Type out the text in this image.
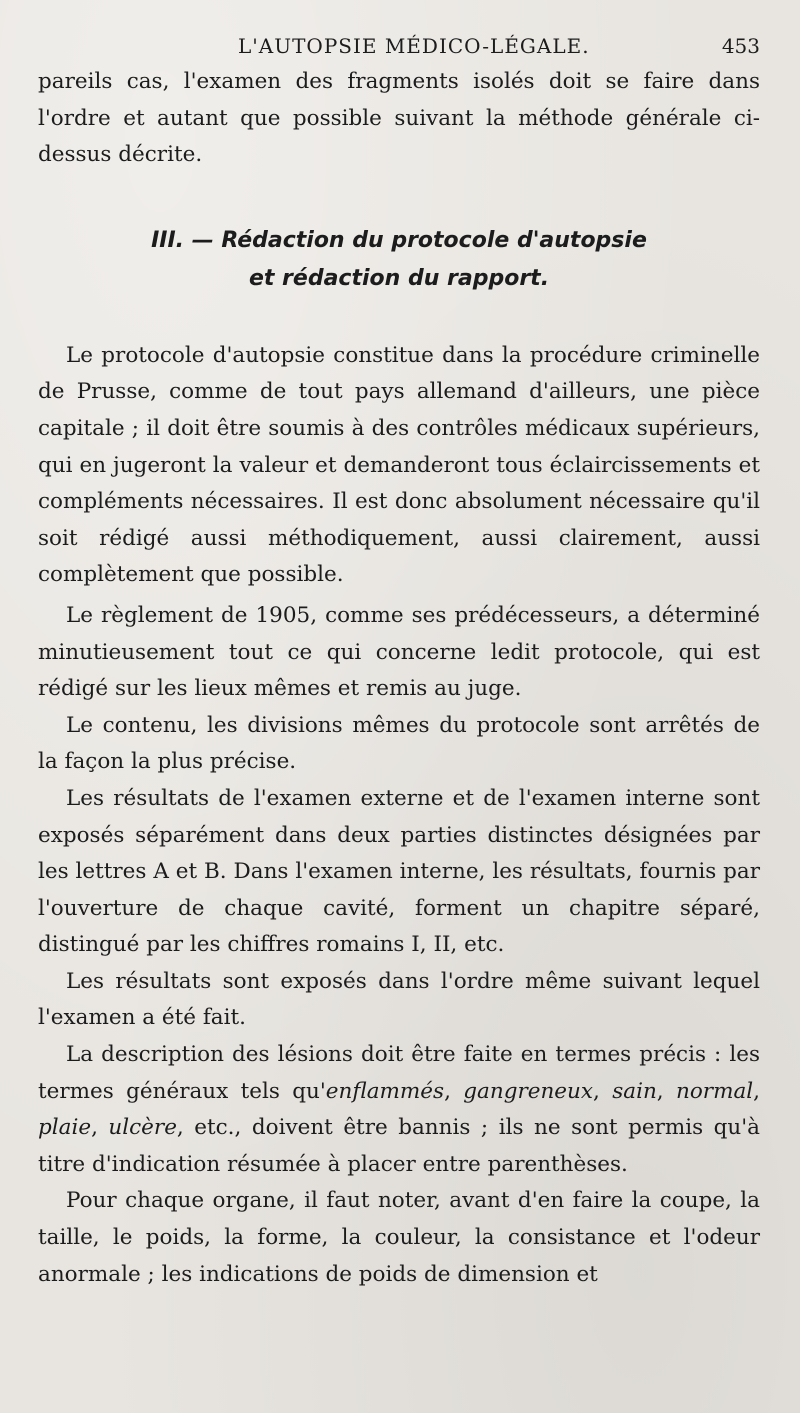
L'AUTOPSIE MÉDICO-LÉGALE.	453

pareils cas, l'examen des fragments isolés doit se faire dans l'ordre et autant que possible suivant la méthode générale ci-dessus décrite.

III. — Rédaction du protocole d'autopsie
et rédaction du rapport.

Le protocole d'autopsie constitue dans la procédure criminelle de Prusse, comme de tout pays allemand d'ailleurs, une pièce capitale ; il doit être soumis à des contrôles médicaux supérieurs, qui en jugeront la valeur et demanderont tous éclaircissements et compléments nécessaires. Il est donc absolument nécessaire qu'il soit rédigé aussi méthodiquement, aussi clairement, aussi complètement que possible.

Le règlement de 1905, comme ses prédécesseurs, a déterminé minutieusement tout ce qui concerne ledit protocole, qui est rédigé sur les lieux mêmes et remis au juge.

Le contenu, les divisions mêmes du protocole sont arrêtés de la façon la plus précise.

Les résultats de l'examen externe et de l'examen interne sont exposés séparément dans deux parties distinctes désignées par les lettres A et B. Dans l'examen interne, les résultats, fournis par l'ouverture de chaque cavité, forment un chapitre séparé, distingué par les chiffres romains I, II, etc.

Les résultats sont exposés dans l'ordre même suivant lequel l'examen a été fait.

La description des lésions doit être faite en termes précis : les termes généraux tels qu'enflammés, gangreneux, sain, normal, plaie, ulcère, etc., doivent être bannis ; ils ne sont permis qu'à titre d'indication résumée à placer entre parenthèses.

Pour chaque organe, il faut noter, avant d'en faire la coupe, la taille, le poids, la forme, la couleur, la consistance et l'odeur anormale ; les indications de poids de dimension et
